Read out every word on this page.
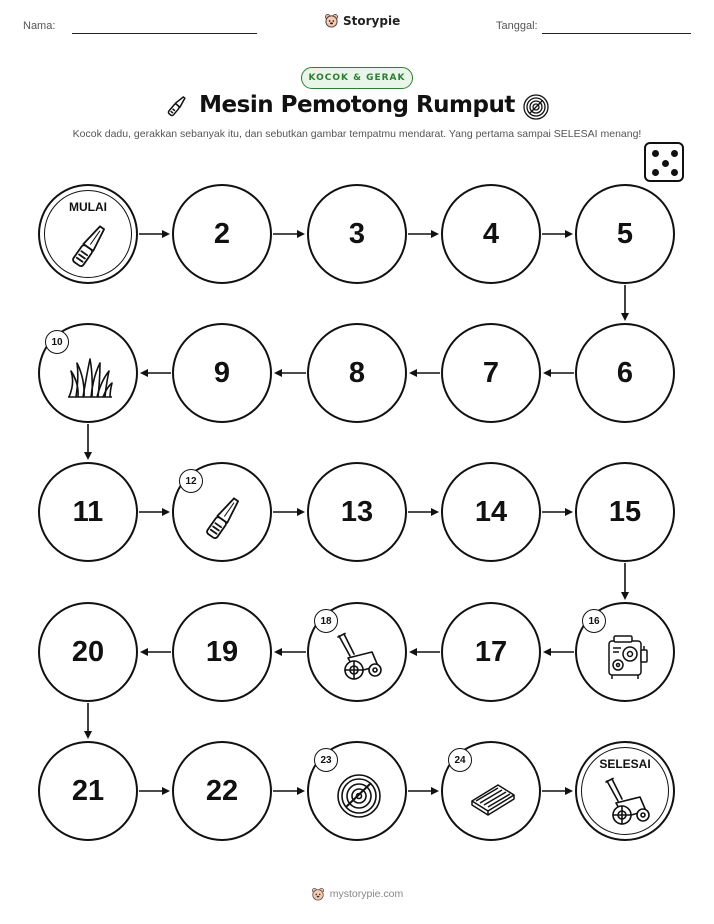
Nama:	Storypie	Tanggal:
KOCOK & GERAK
Mesin Pemotong Rumput
Kocok dadu, gerakkan sebanyak itu, dan sebutkan gambar tempatmu mendarat. Yang pertama sampai SELESAI menang!
MULAI
2	3	4	5
6
7
8
9
10
11
12
13	14	15
16
17
18
19
20
21	22
23	24	SELESAI
mystorypie.com
